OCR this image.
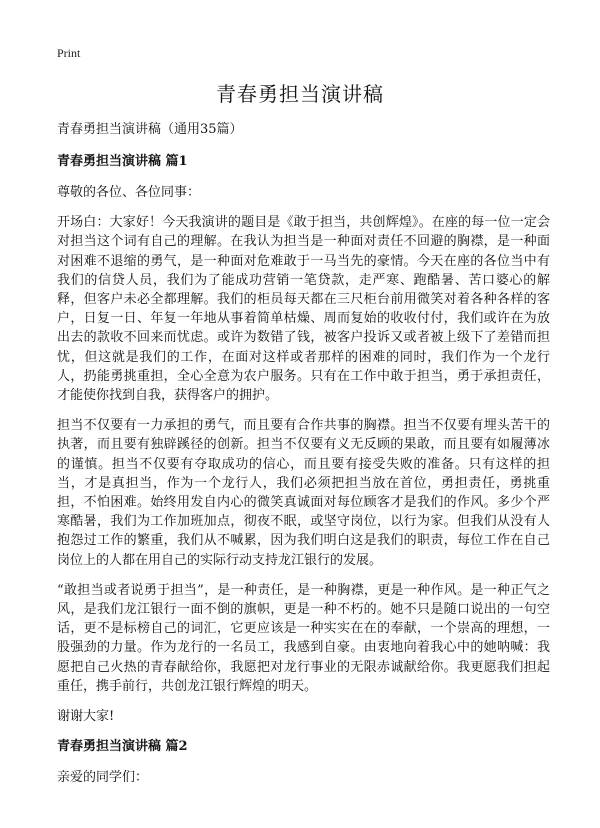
Print
青春勇担当演讲稿

青春勇担当演讲稿（通用35篇）

青春勇担当演讲稿 篇1

尊敬的各位、各位同事：

开场白：大家好！今天我演讲的题目是《敢于担当，共创辉煌》。在座的每一位一定会对担当这个词有自己的理解。在我认为担当是一种面对责任不回避的胸襟，是一种面对困难不退缩的勇气，是一种面对危难敢于一马当先的豪情。今天在座的各位当中有我们的信贷人员，我们为了能成功营销一笔贷款，走严寒、跑酷暑、苦口婆心的解释，但客户未必全都理解。我们的柜员每天都在三尺柜台前用微笑对着各种各样的客户，日复一日、年复一年地从事着简单枯燥、周而复始的收收付付，我们或许在为放出去的款收不回来而忧虑。或许为数错了钱，被客户投诉又或者被上级下了差错而担忧，但这就是我们的工作，在面对这样或者那样的困难的同时，我们作为一个龙行人，扔能勇挑重担，全心全意为农户服务。只有在工作中敢于担当，勇于承担责任，才能使你找到自我，获得客户的拥护。

担当不仅要有一力承担的勇气，而且要有合作共事的胸襟。担当不仅要有埋头苦干的执著，而且要有独辟蹊径的创新。担当不仅要有义无反顾的果敢，而且要有如履薄冰的谨慎。担当不仅要有夺取成功的信心，而且要有接受失败的准备。只有这样的担当，才是真担当，作为一个龙行人，我们必须把担当放在首位，勇担责任，勇挑重担，不怕困难。始终用发自内心的微笑真诚面对每位顾客才是我们的作风。多少个严寒酷暑，我们为工作加班加点，彻夜不眠，或坚守岗位，以行为家。但我们从没有人抱怨过工作的繁重，我们从不喊累，因为我们明白这是我们的职责，每位工作在自己岗位上的人都在用自己的实际行动支持龙江银行的发展。

“敢担当或者说勇于担当”，是一种责任，是一种胸襟，更是一种作风。是一种正气之风，是我们龙江银行一面不倒的旗帜，更是一种不朽的。她不只是随口说出的一句空话，更不是标榜自己的词汇，它更应该是一种实实在在的奉献，一个崇高的理想，一股强劲的力量。作为龙行的一名员工，我感到自豪。由衷地向着我心中的她呐喊：我愿把自己火热的青春献给你，我愿把对龙行事业的无限赤诚献给你。我更愿我们担起重任，携手前行，共创龙江银行辉煌的明天。

谢谢大家!

青春勇担当演讲稿 篇2

亲爱的同学们：
